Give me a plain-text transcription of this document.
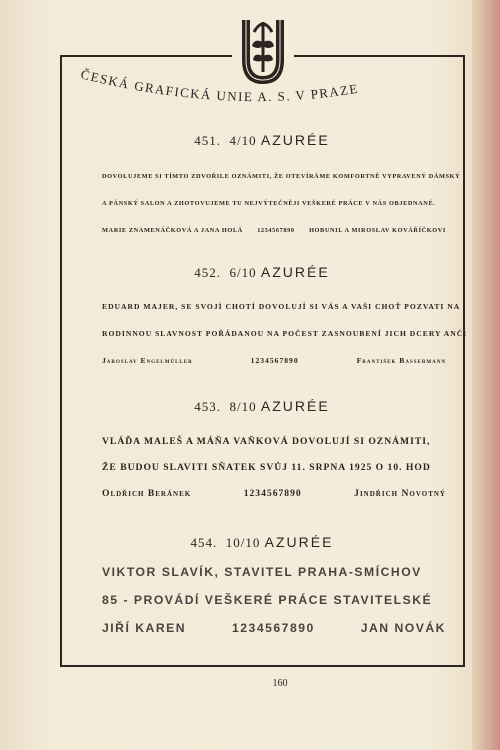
ČESKÁ GRAFICKÁ UNIE A. S. V PRAZE
451. 4/10 AZURÉE
DOVOLUJEME SI TÍMTO ZDVOŘILE OZNÁMITI, ŽE OTEVÍRÁME KOMFORTNĚ VYPRAVENÝ DÁMSKÝ
A PÁNSKÝ SALON A ZHOTOVUJEME TU NEJVÝTEČNĚJI VEŠKERÉ PRÁCE V NÁS OBJEDNANÉ.
MARIE ZNAMENÁČKOVÁ A JANA HOLÁ 1234567890 HOBUNIL A MIROSLAV KOVÁŘÍČKOVI
452. 6/10 AZURÉE
EDUARD MAJER, SE SVOJÍ CHOTÍ DOVOLUJÍ SI VÁS A VAŠI CHOŤ POZVATI NA
RODINNOU SLAVNOST POŘÁDANOU NA POČEST ZASNOUBENÍ JICH DCERY ANČI
Jaroslav Engelmüller	1234567890	František Bassermann
453. 8/10 AZURÉE
VLÁĎA MALEŠ A MÁŇA VAŇKOVÁ DOVOLUJÍ SI OZNÁMITI,
ŽE BUDOU SLAVITI SŇATEK SVŮJ 11. SRPNA 1925 O 10. HOD
Oldřich Beránek	1234567890	Jindřich Novotný
454. 10/10 AZURÉE
VIKTOR SLAVÍK, STAVITEL PRAHA-SMÍCHOV
85 - PROVÁDÍ VEŠKERÉ PRÁCE STAVITELSKÉ
JIŘÍ KAREN	1234567890	JAN NOVÁK
160
